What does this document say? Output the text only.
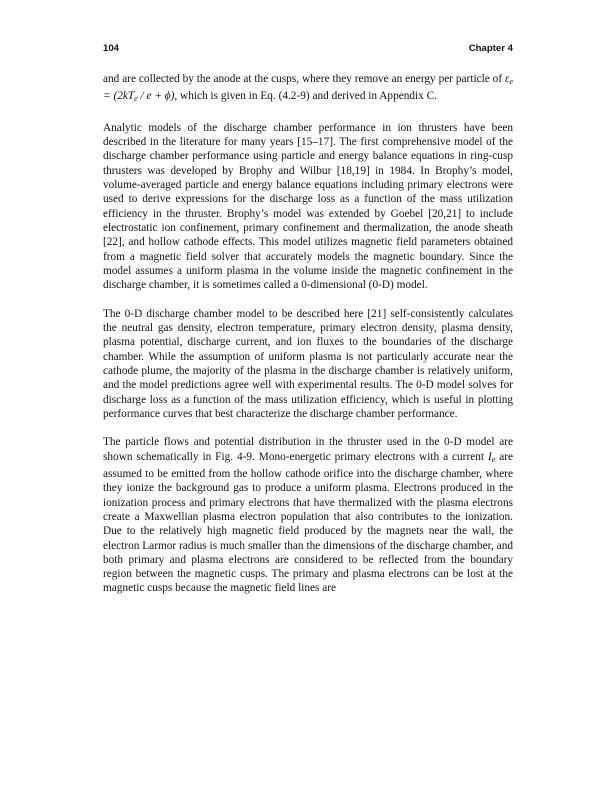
104	Chapter 4

and are collected by the anode at the cusps, where they remove an energy per particle of $\varepsilon_e = (2kT_e / e + \phi)$, which is given in Eq. (4.2-9) and derived in Appendix C.

Analytic models of the discharge chamber performance in ion thrusters have been described in the literature for many years [15–17]. The first comprehensive model of the discharge chamber performance using particle and energy balance equations in ring-cusp thrusters was developed by Brophy and Wilbur [18,19] in 1984. In Brophy’s model, volume-averaged particle and energy balance equations including primary electrons were used to derive expressions for the discharge loss as a function of the mass utilization efficiency in the thruster. Brophy’s model was extended by Goebel [20,21] to include electrostatic ion confinement, primary confinement and thermalization, the anode sheath [22], and hollow cathode effects. This model utilizes magnetic field parameters obtained from a magnetic field solver that accurately models the magnetic boundary. Since the model assumes a uniform plasma in the volume inside the magnetic confinement in the discharge chamber, it is sometimes called a 0-dimensional (0-D) model.

The 0-D discharge chamber model to be described here [21] self-consistently calculates the neutral gas density, electron temperature, primary electron density, plasma density, plasma potential, discharge current, and ion fluxes to the boundaries of the discharge chamber. While the assumption of uniform plasma is not particularly accurate near the cathode plume, the majority of the plasma in the discharge chamber is relatively uniform, and the model predictions agree well with experimental results. The 0-D model solves for discharge loss as a function of the mass utilization efficiency, which is useful in plotting performance curves that best characterize the discharge chamber performance.

The particle flows and potential distribution in the thruster used in the 0-D model are shown schematically in Fig. 4-9. Mono-energetic primary electrons with a current $I_e$ are assumed to be emitted from the hollow cathode orifice into the discharge chamber, where they ionize the background gas to produce a uniform plasma. Electrons produced in the ionization process and primary electrons that have thermalized with the plasma electrons create a Maxwellian plasma electron population that also contributes to the ionization. Due to the relatively high magnetic field produced by the magnets near the wall, the electron Larmor radius is much smaller than the dimensions of the discharge chamber, and both primary and plasma electrons are considered to be reflected from the boundary region between the magnetic cusps. The primary and plasma electrons can be lost at the magnetic cusps because the magnetic field lines are
